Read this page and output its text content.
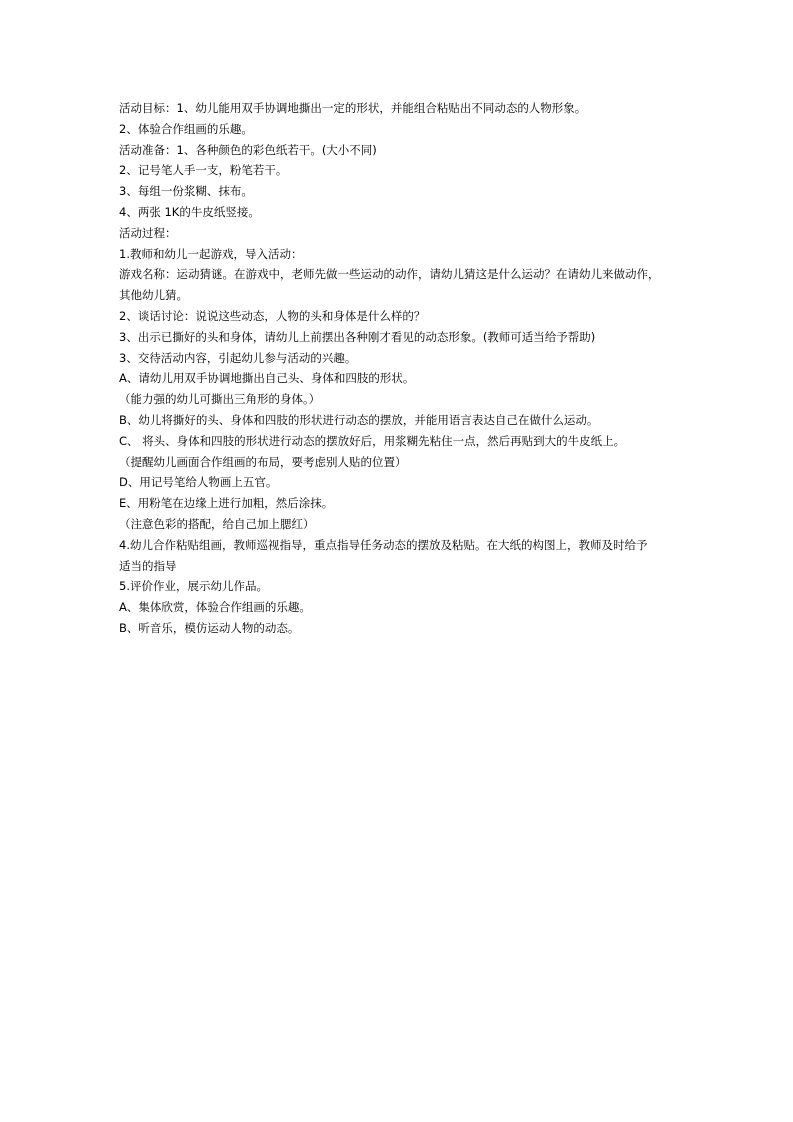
活动目标：1、幼儿能用双手协调地撕出一定的形状，并能组合粘贴出不同动态的人物形象。
2、体验合作组画的乐趣。
活动准备：1、各种颜色的彩色纸若干。(大小不同)
2、记号笔人手一支，粉笔若干。
3、每组一份浆糊、抹布。
4、两张 1K的牛皮纸竖接。
活动过程：
1.教师和幼儿一起游戏，导入活动：
游戏名称：运动猜谜。在游戏中，老师先做一些运动的动作，请幼儿猜这是什么运动？在请幼儿来做动作，
其他幼儿猜。
2、谈话讨论：说说这些动态，人物的头和身体是什么样的？
3、出示已撕好的头和身体，请幼儿上前摆出各种刚才看见的动态形象。(教师可适当给予帮助)
3、交待活动内容，引起幼儿参与活动的兴趣。
A、请幼儿用双手协调地撕出自己头、身体和四肢的形状。
（能力强的幼儿可撕出三角形的身体。）
B、幼儿将撕好的头、身体和四肢的形状进行动态的摆放，并能用语言表达自己在做什么运动。
C、 将头、身体和四肢的形状进行动态的摆放好后，用浆糊先粘住一点，然后再贴到大的牛皮纸上。
（提醒幼儿画面合作组画的布局，要考虑别人贴的位置）
D、用记号笔给人物画上五官。
E、用粉笔在边缘上进行加粗，然后涂抹。
（注意色彩的搭配，给自己加上腮红）
4.幼儿合作粘贴组画，教师巡视指导，重点指导任务动态的摆放及粘贴。在大纸的构图上，教师及时给予
适当的指导
5.评价作业，展示幼儿作品。
A、集体欣赏，体验合作组画的乐趣。
B、听音乐，模仿运动人物的动态。
